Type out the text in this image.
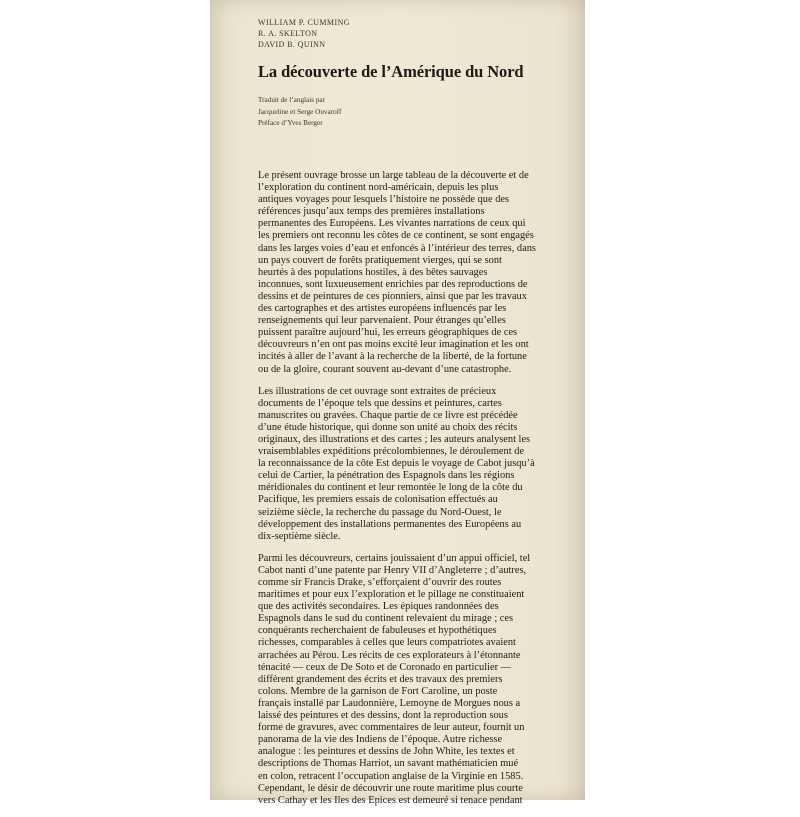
WILLIAM P. CUMMING
R. A. SKELTON
DAVID B. QUINN
La découverte de l’Amérique du Nord
Traduit de l’anglais par
Jacqueline et Serge Ouvaroff
Préface d’Yves Berger
Le présent ouvrage brosse un large tableau de la découverte et de
l’exploration du continent nord-américain, depuis les plus
antiques voyages pour lesquels l’histoire ne possède que des
références jusqu’aux temps des premières installations
permanentes des Européens. Les vivantes narrations de ceux qui
les premiers ont reconnu les côtes de ce continent, se sont engagés
dans les larges voies d’eau et enfoncés à l’intérieur des terres, dans
un pays couvert de forêts pratiquement vierges, qui se sont
heurtés à des populations hostiles, à des bêtes sauvages
inconnues, sont luxueusement enrichies par des reproductions de
dessins et de peintures de ces pionniers, ainsi que par les travaux
des cartographes et des artistes européens influencés par les
renseignements qui leur parvenaient. Pour étranges qu’elles
puissent paraître aujourd’hui, les erreurs géographiques de ces
découvreurs n’en ont pas moins excité leur imagination et les ont
incités à aller de l’avant à la recherche de la liberté, de la fortune
ou de la gloire, courant souvent au-devant d’une catastrophe.
Les illustrations de cet ouvrage sont extraites de précieux
documents de l’époque tels que dessins et peintures, cartes
manuscrites ou gravées. Chaque partie de ce livre est précédée
d’une étude historique, qui donne son unité au choix des récits
originaux, des illustrations et des cartes ; les auteurs analysent les
vraisemblables expéditions précolombiennes, le déroulement de
la reconnaissance de la côte Est depuis le voyage de Cabot jusqu’à
celui de Cartier, la pénétration des Espagnols dans les régions
méridionales du continent et leur remontée le long de la côte du
Pacifique, les premiers essais de colonisation effectués au
seizième siècle, la recherche du passage du Nord-Ouest, le
développement des installations permanentes des Européens au
dix-septième siècle.
Parmi les découvreurs, certains jouissaient d’un appui officiel, tel
Cabot nanti d’une patente par Henry VII d’Angleterre ; d’autres,
comme sir Francis Drake, s’efforçaient d’ouvrir des routes
maritimes et pour eux l’exploration et le pillage ne constituaient
que des activités secondaires. Les épiques randonnées des
Espagnols dans le sud du continent relevaient du mirage ; ces
conquérants recherchaient de fabuleuses et hypothétiques
richesses, comparables à celles que leurs compatriotes avaient
arrachées au Pérou. Les récits de ces explorateurs à l’étonnante
ténacité — ceux de De Soto et de Coronado en particulier —
diffèrent grandement des écrits et des travaux des premiers
colons. Membre de la garnison de Fort Caroline, un poste
français installé par Laudonnière, Lemoyne de Morgues nous a
laissé des peintures et des dessins, dont la reproduction sous
forme de gravures, avec commentaires de leur auteur, fournit un
panorama de la vie des Indiens de l’époque. Autre richesse
analogue : les peintures et dessins de John White, les textes et
descriptions de Thomas Harriot, un savant mathématicien mué
en colon, retracent l’occupation anglaise de la Virginie en 1585.
Cependant, le désir de découvrir une route maritime plus courte
vers Cathay et les Iles des Epices est demeuré si tenace pendant
